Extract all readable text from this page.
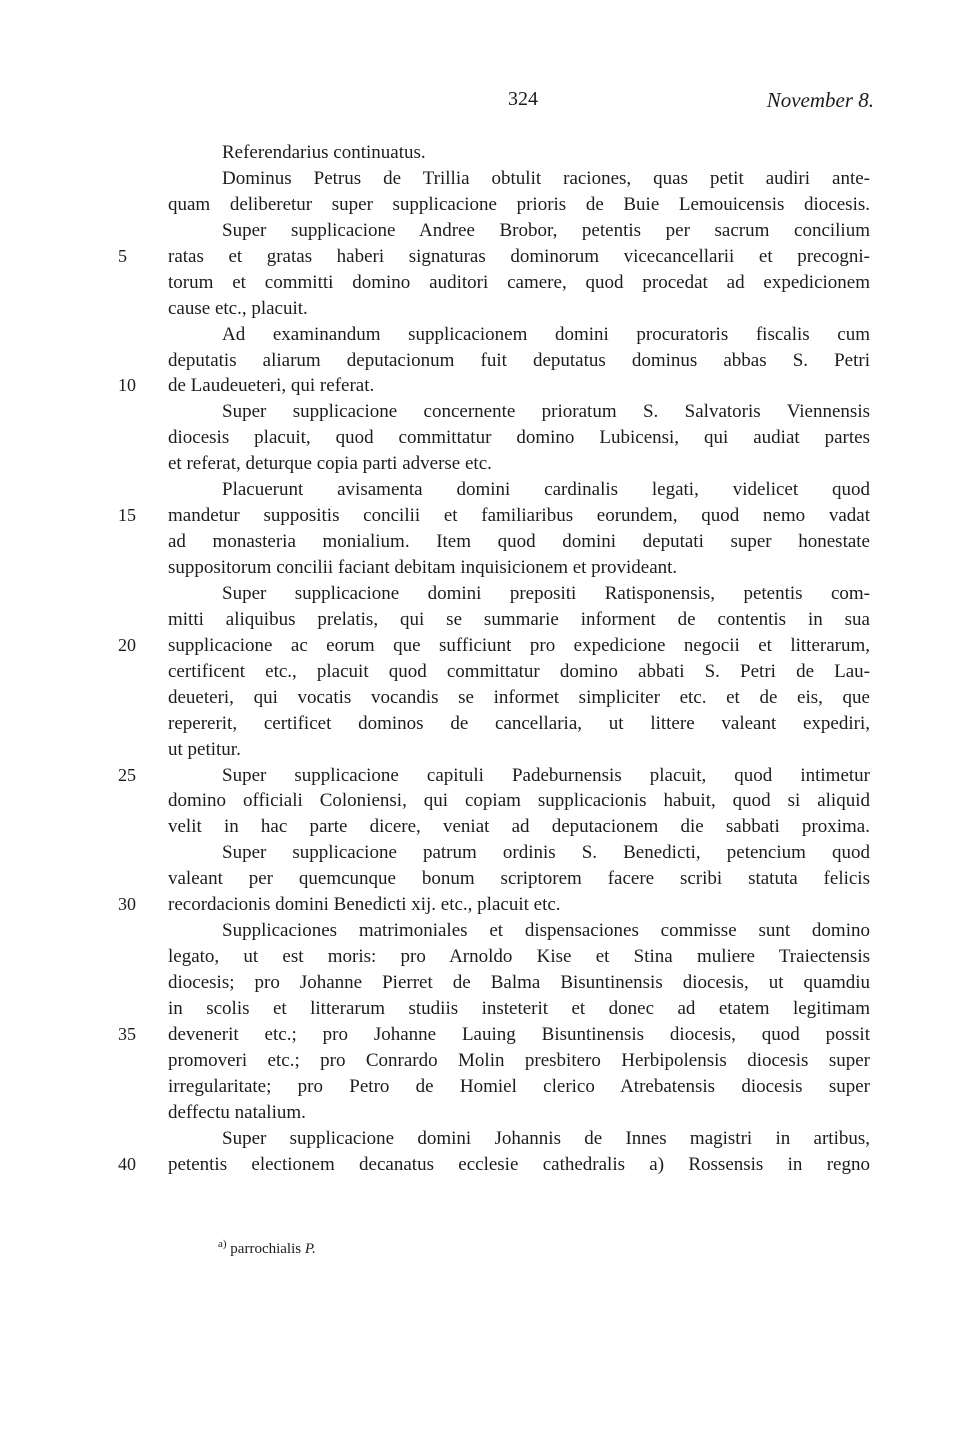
324	November 8.
Referendarius continuatus.
Dominus Petrus de Trillia obtulit raciones, quas petit audiri ante-
quam deliberetur super supplicacione prioris de Buie Lemouicensis diocesis.
Super supplicacione Andree Brobor, petentis per sacrum concilium
5	ratas et gratas haberi signaturas dominorum vicecancellarii et precogni-
torum et committi domino auditori camere, quod procedat ad expedicionem
cause etc., placuit.
Ad examinandum supplicacionem domini procuratoris fiscalis cum
deputatis aliarum deputacionum fuit deputatus dominus abbas S. Petri
10	de Laudeueteri, qui referat.
Super supplicacione concernente prioratum S. Salvatoris Viennensis
diocesis placuit, quod committatur domino Lubicensi, qui audiat partes
et referat, deturque copia parti adverse etc.
Placuerunt avisamenta domini cardinalis legati, videlicet quod
15	mandetur suppositis concilii et familiaribus eorundem, quod nemo vadat
ad monasteria monialium. Item quod domini deputati super honestate
suppositorum concilii faciant debitam inquisicionem et provideant.
Super supplicacione domini prepositi Ratisponensis, petentis com-
mitti aliquibus prelatis, qui se summarie informent de contentis in sua
20	supplicacione ac eorum que sufficiunt pro expedicione negocii et litterarum,
certificent etc., placuit quod committatur domino abbati S. Petri de Lau-
deueteri, qui vocatis vocandis se informet simpliciter etc. et de eis, que
repererit, certificet dominos de cancellaria, ut littere valeant expediri,
ut petitur.
25	Super supplicacione capituli Padeburnensis placuit, quod intimetur
domino officiali Coloniensi, qui copiam supplicacionis habuit, quod si aliquid
velit in hac parte dicere, veniat ad deputacionem die sabbati proxima.
Super supplicacione patrum ordinis S. Benedicti, petencium quod
valeant per quemcunque bonum scriptorem facere scribi statuta felicis
30	recordacionis domini Benedicti xij. etc., placuit etc.
Supplicaciones matrimoniales et dispensaciones commisse sunt domino
legato, ut est moris: pro Arnoldo Kise et Stina muliere Traiectensis
diocesis; pro Johanne Pierret de Balma Bisuntinensis diocesis, ut quamdiu
in scolis et litterarum studiis insteterit et donec ad etatem legitimam
35	devenerit etc.; pro Johanne Lauing Bisuntinensis diocesis, quod possit
promoveri etc.; pro Conrardo Molin presbitero Herbipolensis diocesis super
irregularitate; pro Petro de Homiel clerico Atrebatensis diocesis super
deffectu natalium.
Super supplicacione domini Johannis de Innes magistri in artibus,
40	petentis electionem decanatus ecclesie cathedralis a) Rossensis in regno
$^{a)}$ parrochialis P.
